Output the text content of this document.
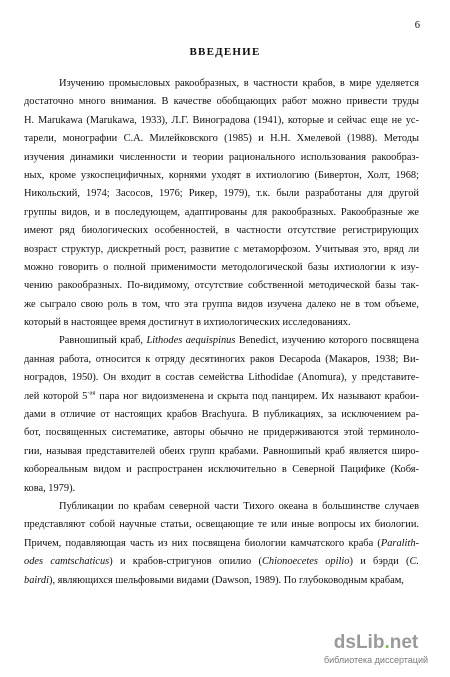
6
ВВЕДЕНИЕ

Изучению промысловых ракообразных, в частности крабов, в мире уделяется
достаточно много внимания. В качестве обобщающих работ можно привести труды
H. Marukawa (Marukawa, 1933), Л.Г. Виноградова (1941), которые и сейчас еще не ус-
тарели, монографии С.А. Милейковского (1985) и Н.Н. Хмелевой (1988). Методы
изучения динамики численности и теории рационального использования ракообраз-
ных, кроме узкоспецифичных, корнями уходят в ихтиологию (Бивертон, Холт, 1968;
Никольский, 1974; Засосов, 1976; Рикер, 1979), т.к. были разработаны для другой
группы видов, и в последующем, адаптированы для ракообразных. Ракообразные же
имеют ряд биологических особенностей, в частности отсутствие регистрирующих
возраст структур, дискретный рост, развитие с метаморфозом. Учитывая это, вряд ли
можно говорить о полной применимости методологической базы ихтиологии к изу-
чению ракообразных. По-видимому, отсутствие собственной методической базы так-
же сыграло свою роль в том, что эта группа видов изучена далеко не в том объеме,
который в настоящее время достигнут в ихтиологических исследованиях.

Равношипый краб, Lithodes aequispinus Benedict, изучению которого посвящена
данная работа, относится к отряду десятиногих раков Decapoda (Макаров, 1938; Ви-
ноградов, 1950). Он входит в состав семейства Lithodidae (Anomura), у представите-
лей которой $5^{-ая}$ пара ног видоизменена и скрыта под панцирем. Их называют крабои-
дами в отличие от настоящих крабов Brachyura. В публикациях, за исключением ра-
бот, посвященных систематике, авторы обычно не придерживаются этой терминоло-
гии, называя представителей обеих групп крабами. Равношипый краб является широ-
кобореальным видом и распространен исключительно в Северной Пацифике (Кобя-
кова, 1979).

Публикации по крабам северной части Тихого океана в большинстве случаев
представляют собой научные статьи, освещающие те или иные вопросы их биологии.
Причем, подавляющая часть из них посвящена биологии камчатского краба (Paralith-
odes camtschaticus) и крабов-стригунов опилио (Chionoecetes opilio) и бэрди (C.
bairdi), являющихся шельфовыми видами (Dawson, 1989). По глубоководным крабам,

dsLib.net
библиотека диссертаций
